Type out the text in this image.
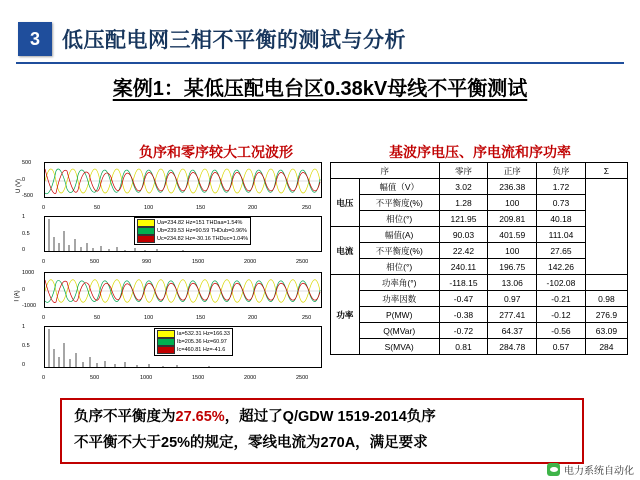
3	低压配电网三相不平衡的测试与分析
案例1：某低压配电台区0.38kV母线不平衡测试
负序和零序较大工况波形	基波序电压、序电流和序功率
U (V)
500
0
-500
0	50	100	150	200	250
1
0.5
0
Ua=234.82 Hz=151 THDaa=1.54%
Ub=239.53 Hz=90.59 THDub=0.96%
Uc=234.82 Hz=-30.16 THDuc=1.04%
0	500	990	1500	2000	2500
I (A)
1000
0
-1000
0	50	100	150	200	250
1
0.5
0
Ia=532.31 Hz=166.33
Ib=205.36 Hz=60.97
Ic=460.81 Hz=-41.6
0	500	1000	1500	2000	2500
序		零序	正序	负序	Σ
电压	幅值（V）	3.02	236.38	1.72	
	不平衡度(%)	1.28	100	0.73	
	相位(°)	121.95	209.81	40.18	
电流	幅值(A)	90.03	401.59	111.04	
	不平衡度(%)	22.42	100	27.65	
	相位(°)	240.11	196.75	142.26	
功率	功率角(°)	-118.15	13.06	-102.08	
	功率因数	-0.47	0.97	-0.21	0.98
	P(MW)	-0.38	277.41	-0.12	276.9
	Q(MVar)	-0.72	64.37	-0.56	63.09
	S(MVA)	0.81	284.78	0.57	284
负序不平衡度为27.65%，超过了Q/GDW 1519-2014负序
不平衡不大于25%的规定，零线电流为270A，满足要求
电力系统自动化
